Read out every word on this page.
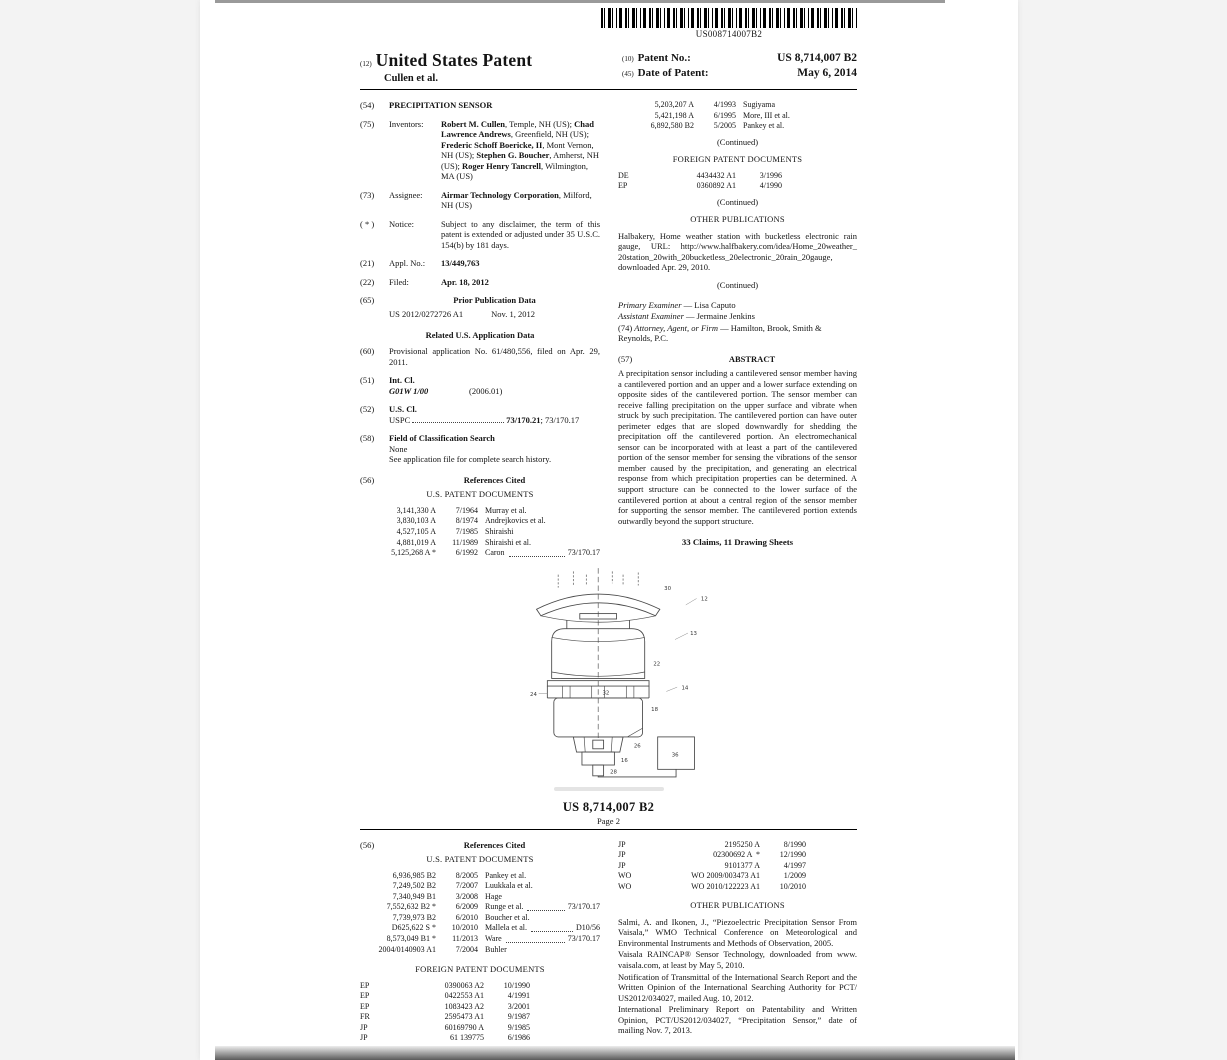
US008714007B2
(12) United States Patent
Cullen et al.
(10) Patent No.:	US 8,714,007 B2
(45) Date of Patent:	May 6, 2014
(54)	PRECIPITATION SENSOR
(75)	Inventors:	Robert M. Cullen, Temple, NH (US); Chad Lawrence Andrews, Greenfield, NH (US); Frederic Schoff Boericke, II, Mont Vernon, NH (US); Stephen G. Boucher, Amherst, NH (US); Roger Henry Tancrell, Wilmington, MA (US)
(73)	Assignee:	Airmar Technology Corporation, Milford, NH (US)
( * )	Notice:	Subject to any disclaimer, the term of this patent is extended or adjusted under 35 U.S.C. 154(b) by 181 days.
(21)	Appl. No.:	13/449,763
(22)	Filed:	Apr. 18, 2012
(65)	Prior Publication Data
US 2012/0272726 A1	Nov. 1, 2012
Related U.S. Application Data
(60)	Provisional application No. 61/480,556, filed on Apr. 29, 2011.
(51)	Int. Cl.
G01W 1/00	(2006.01)
(52)	U.S. Cl.
USPC	73/170.21; 73/170.17
(58)	Field of Classification Search
None
See application file for complete search history.
(56)	References Cited
U.S. PATENT DOCUMENTS
3,141,330 A	7/1964 Murray et al.
3,830,103 A	8/1974 Andrejkovics et al.
4,527,105 A	7/1985 Shiraishi
4,881,019 A	11/1989 Shiraishi et al.
5,125,268 A *	6/1992 Caron	73/170.17
5,203,207 A	4/1993 Sugiyama
5,421,198 A	6/1995 More, III et al.
6,892,580 B2	5/2005 Pankey et al.
(Continued)
FOREIGN PATENT DOCUMENTS
DE	4434432 A1	3/1996
EP	0360892 A1	4/1990
(Continued)
OTHER PUBLICATIONS
Halbakery, Home weather station with bucketless electronic rain gauge, URL: http://www.halfbakery.com/idea/Home_20weather_ 20station_20with_20bucketless_20electronic_20rain_20gauge, downloaded Apr. 29, 2010.
(Continued)
Primary Examiner — Lisa Caputo
Assistant Examiner — Jermaine Jenkins
(74) Attorney, Agent, or Firm — Hamilton, Brook, Smith & Reynolds, P.C.
(57)	ABSTRACT
A precipitation sensor including a cantilevered sensor member having a cantilevered portion and an upper and a lower surface extending on opposite sides of the cantilevered portion. The sensor member can receive falling precipitation on the upper surface and vibrate when struck by such precipitation. The cantilevered portion can have outer perimeter edges that are sloped downwardly for shedding the precipitation off the cantilevered portion. An electromechanical sensor can be incorporated with at least a part of the cantilevered portion of the sensor member for sensing the vibrations of the sensor member caused by the precipitation, and generating an electrical response from which precipitation properties can be determined. A support structure can be connected to the lower surface of the cantilevered portion at about a central region of the sensor member for supporting the sensor member. The cantilevered portion extends outwardly beyond the support structure.
33 Claims, 11 Drawing Sheets
12
30
13
22
14
18
26
16
28
32
24
36
US 8,714,007 B2
Page 2
(56)	References Cited
U.S. PATENT DOCUMENTS
6,936,985 B2	8/2005 Pankey et al.
7,249,502 B2	7/2007 Luukkala et al.
7,340,949 B1	3/2008 Hage
7,552,632 B2 *	6/2009 Runge et al.	73/170.17
7,739,973 B2	6/2010 Boucher et al.
D625,622 S *	10/2010 Mallela et al.	D10/56
8,573,049 B1 *	11/2013 Ware	73/170.17
2004/0140903 A1	7/2004 Buhler
FOREIGN PATENT DOCUMENTS
EP	0390063 A2	10/1990
EP	0422553 A1	4/1991
EP	1083423 A2	3/2001
FR	2595473 A1	9/1987
JP	60169790 A	9/1985
JP	61 139775	6/1986
JP	2195250 A	8/1990
JP	02300692 A  *	12/1990
JP	9101377 A	4/1997
WO	WO 2009/003473 A1	1/2009
WO	WO 2010/122223 A1	10/2010
OTHER PUBLICATIONS
Salmi, A. and Ikonen, J., “Piezoelectric Precipitation Sensor From Vaisala,” WMO Technical Conference on Meteorological and Environmental Instruments and Methods of Observation, 2005.
Vaisala RAINCAP® Sensor Technology, downloaded from www. vaisala.com, at least by May 5, 2010.
Notification of Transmittal of the International Search Report and the Written Opinion of the International Searching Authority for PCT/ US2012/034027, mailed Aug. 10, 2012.
International Preliminary Report on Patentability and Written Opinion, PCT/US2012/034027, “Precipitation Sensor,” date of mailing Nov. 7, 2013.
